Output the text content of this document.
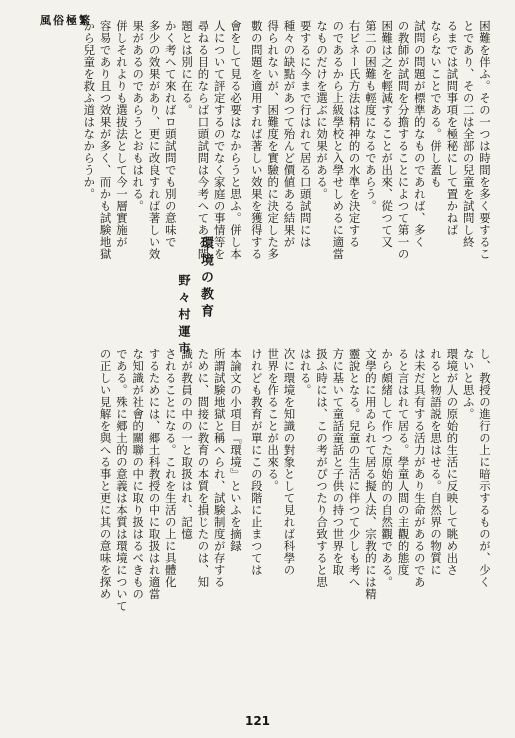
風俗極繁	困難を伴ふ。その一つは時間を多く要するこ
とであり、その二は全部の兒童を試問し終
るまでは試問事項を極秘にして置かねば
ならないことである。併し蓋も
試問の問題が標準的なものであれば、多く
の教師が試問を分擔することによつて第一の
困難は之を輕減することが出來、從つて又
第二の困難も輕度になるであらう。
右ビネー氏方法は精神的の水準を決定する
のであるから上級學校と入學せしめるに適當
なものだけを選ぶに効果がある。
要するに今まで行はれて居る口頭試問には
種々の缺點があつて殆んど價値ある結果が
得られないが、困難度を實驗的に決定した多
數の問題を適用すれば著しい效果を獲得する

し、教授の進行の上に暗示するものが、少く
ないと思ふ。
環境が人の原始的生活に反映して眺め出さ
れると物語説を思はせる。自然界の物質に
は未だ具有する活力があり生命があるのであ
ると言はれて居る。學童人間の主觀的態度
から頗緒して作つた原始的の自然觀である。
文學的に用ゐられて居る擬人法、宗教的には精
靈說となる。兒童の生活に伴つて少しも考へ
方に基いて童話童話と子供の持つ世界を取
扱ふ時には、この考がぴつたり合致すると思
はれる。
次に環境を知識の對象として見れば科學の
世界を作ることが出來る。
けれども教育が單にこの段階に止まつては

會をして見る必要はなからうと思ふ。併し本
人について評定するのでなく家庭の事情等を
尋ねる目的ならば口頭試問は今考へてある問
題とは別に在る。
かく考へて來ればロ頭試問でも別の意味で
多少の效果があり、更に改良すれば著しい效
果があるのであらうとおもはれる。
併しそれよりも選拔法として今一層實施が
容易であり且つ效果が多く、而かも試験地獄
から兒童を救ふ道はなからうか。
本論文の小項目『環境』といふを摘録
所謂試験地獄と稱へられ、試験制度が存する
ために、間接に教育の本質を損じたのは、知
識が教員の中の一と取扱はれ、記憶
されることになる。これを生活の上に具體化
するためには、郷土科教授の中に取扱はれ適當
な知識が社會的關聯の中に取り扱はるべきもの
である。殊に郷土的の意義は本質は環境について
の正しい見解を與へる事と更に其の意味を探め
環境の教育
野々村運市
121
